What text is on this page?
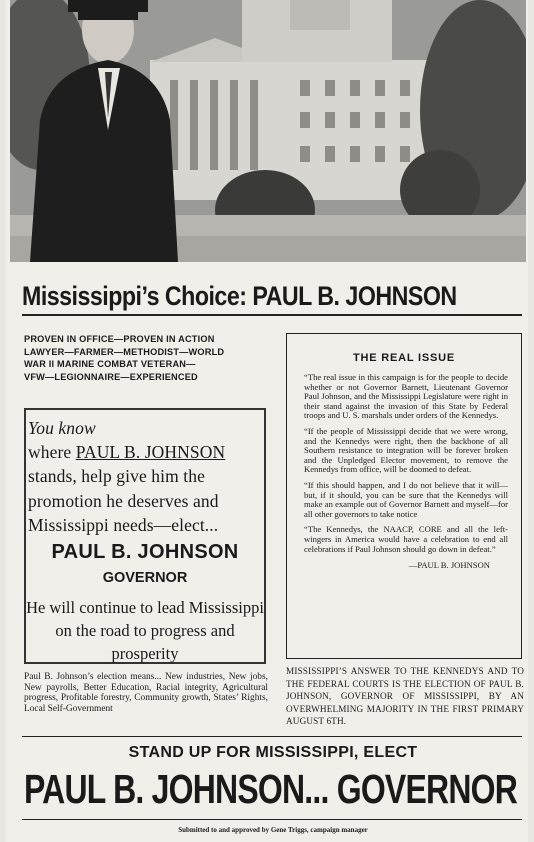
Mississippi’s Choice: PAUL B. JOHNSON
PROVEN IN OFFICE—PROVEN IN ACTION
LAWYER—FARMER—METHODIST—WORLD
WAR II MARINE COMBAT VETERAN—
VFW—LEGIONNAIRE—EXPERIENCED
You know
where PAUL B. JOHNSON
stands, help give him the promotion he deserves and Mississippi needs—elect...
PAUL B. JOHNSON
GOVERNOR
He will continue to lead Mississippi on the road to progress and prosperity
Paul B. Johnson’s election means... New industries, New jobs, New payrolls, Better Education, Racial integrity, Agricultural progress, Profitable forestry, Community growth, States’ Rights, Local Self-Government
THE REAL ISSUE

“The real issue in this campaign is for the people to decide whether or not Governor Barnett, Lieutenant Governor Paul Johnson, and the Mississippi Legislature were right in their stand against the invasion of this State by Federal troops and U. S. marshals under orders of the Kennedys.

“If the people of Mississippi decide that we were wrong, and the Kennedys were right, then the backbone of all Southern resistance to integration will be forever broken and the Unpledged Elector movement, to remove the Kennedys from office, will be doomed to defeat.

“If this should happen, and I do not believe that it will—but, if it should, you can be sure that the Kennedys will make an example out of Governor Barnett and myself—for all other governors to take notice

“The Kennedys, the NAACP, CORE and all the left-wingers in America would have a celebration to end all celebrations if Paul Johnson should go down in defeat.”

—PAUL B. JOHNSON
MISSISSIPPI’S ANSWER TO THE KENNEDYS AND TO THE FEDERAL COURTS IS THE ELECTION OF PAUL B. JOHNSON, GOVERNOR OF MISSISSIPPI, BY AN OVERWHELMING MAJORITY IN THE FIRST PRIMARY AUGUST 6TH.
STAND UP FOR MISSISSIPPI, ELECT
PAUL B. JOHNSON... GOVERNOR
Submitted to and approved by Gene Triggs, campaign manager
